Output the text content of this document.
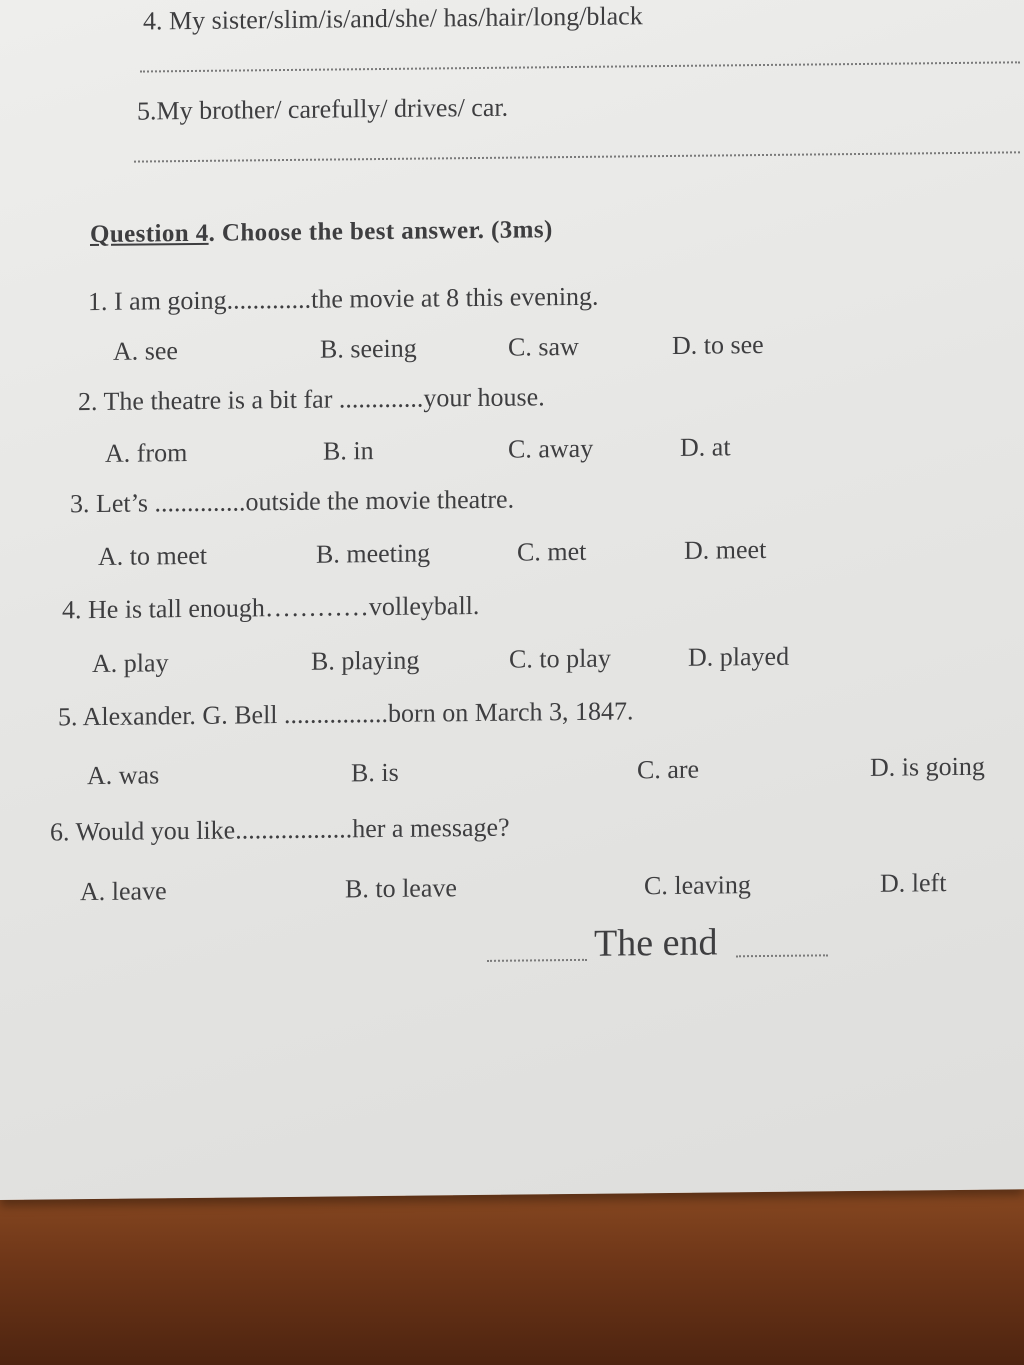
4. My sister/slim/is/and/she/ has/hair/long/black
5.My brother/ carefully/ drives/ car.
Question 4. Choose the best answer. (3ms)
1. I am going.............the movie at 8 this evening.
A. see	B. seeing	C. saw	D. to see
2. The theatre is a bit far .............your house.
A. from	B. in	C. away	D. at
3. Let’s ..............outside the movie theatre.
A. to meet	B. meeting	C. met	D. meet
4. He is tall enough…………volleyball.
A. play	B. playing	C. to play	D. played
5. Alexander. G. Bell ................born on March 3, 1847.
A. was	B. is	C. are	D. is going
6. Would you like..................her a message?
A. leave	B. to leave	C. leaving	D. left
The end
